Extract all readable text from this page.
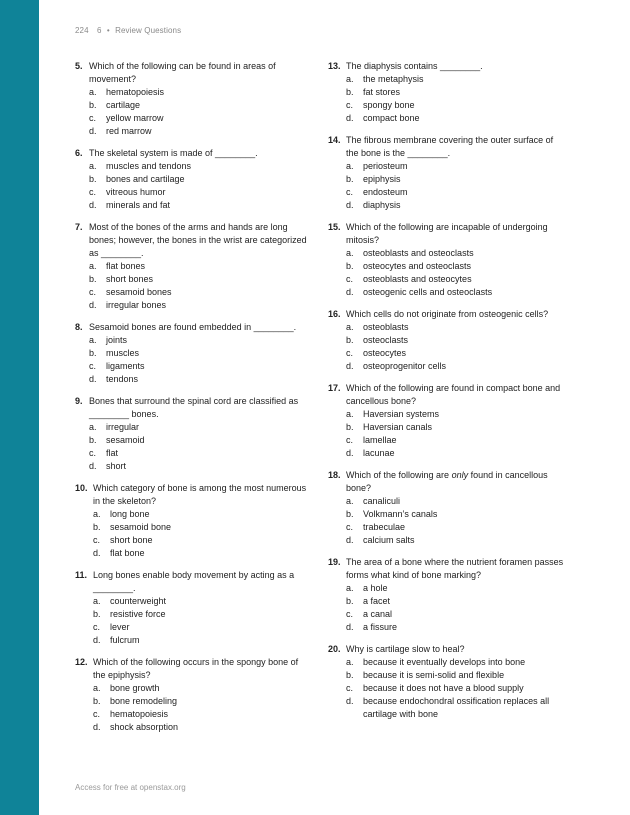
224 6 • Review Questions
5. Which of the following can be found in areas of movement?
a.	hematopoiesis
b.	cartilage
c.	yellow marrow
d.	red marrow
6. The skeletal system is made of ________.
a.	muscles and tendons
b.	bones and cartilage
c.	vitreous humor
d.	minerals and fat
7. Most of the bones of the arms and hands are long bones; however, the bones in the wrist are categorized as ________.
a.	flat bones
b.	short bones
c.	sesamoid bones
d.	irregular bones
8. Sesamoid bones are found embedded in ________.
a.	joints
b.	muscles
c.	ligaments
d.	tendons
9. Bones that surround the spinal cord are classified as ________ bones.
a.	irregular
b.	sesamoid
c.	flat
d.	short
10. Which category of bone is among the most numerous in the skeleton?
a.	long bone
b.	sesamoid bone
c.	short bone
d.	flat bone
11. Long bones enable body movement by acting as a ________.
a.	counterweight
b.	resistive force
c.	lever
d.	fulcrum
12. Which of the following occurs in the spongy bone of the epiphysis?
a.	bone growth
b.	bone remodeling
c.	hematopoiesis
d.	shock absorption
13. The diaphysis contains ________.
a.	the metaphysis
b.	fat stores
c.	spongy bone
d.	compact bone
14. The fibrous membrane covering the outer surface of the bone is the ________.
a.	periosteum
b.	epiphysis
c.	endosteum
d.	diaphysis
15. Which of the following are incapable of undergoing mitosis?
a.	osteoblasts and osteoclasts
b.	osteocytes and osteoclasts
c.	osteoblasts and osteocytes
d.	osteogenic cells and osteoclasts
16. Which cells do not originate from osteogenic cells?
a.	osteoblasts
b.	osteoclasts
c.	osteocytes
d.	osteoprogenitor cells
17. Which of the following are found in compact bone and cancellous bone?
a.	Haversian systems
b.	Haversian canals
c.	lamellae
d.	lacunae
18. Which of the following are only found in cancellous bone?
a.	canaliculi
b.	Volkmann’s canals
c.	trabeculae
d.	calcium salts
19. The area of a bone where the nutrient foramen passes forms what kind of bone marking?
a.	a hole
b.	a facet
c.	a canal
d.	a fissure
20. Why is cartilage slow to heal?
a.	because it eventually develops into bone
b.	because it is semi-solid and flexible
c.	because it does not have a blood supply
d.	because endochondral ossification replaces all cartilage with bone
Access for free at openstax.org
